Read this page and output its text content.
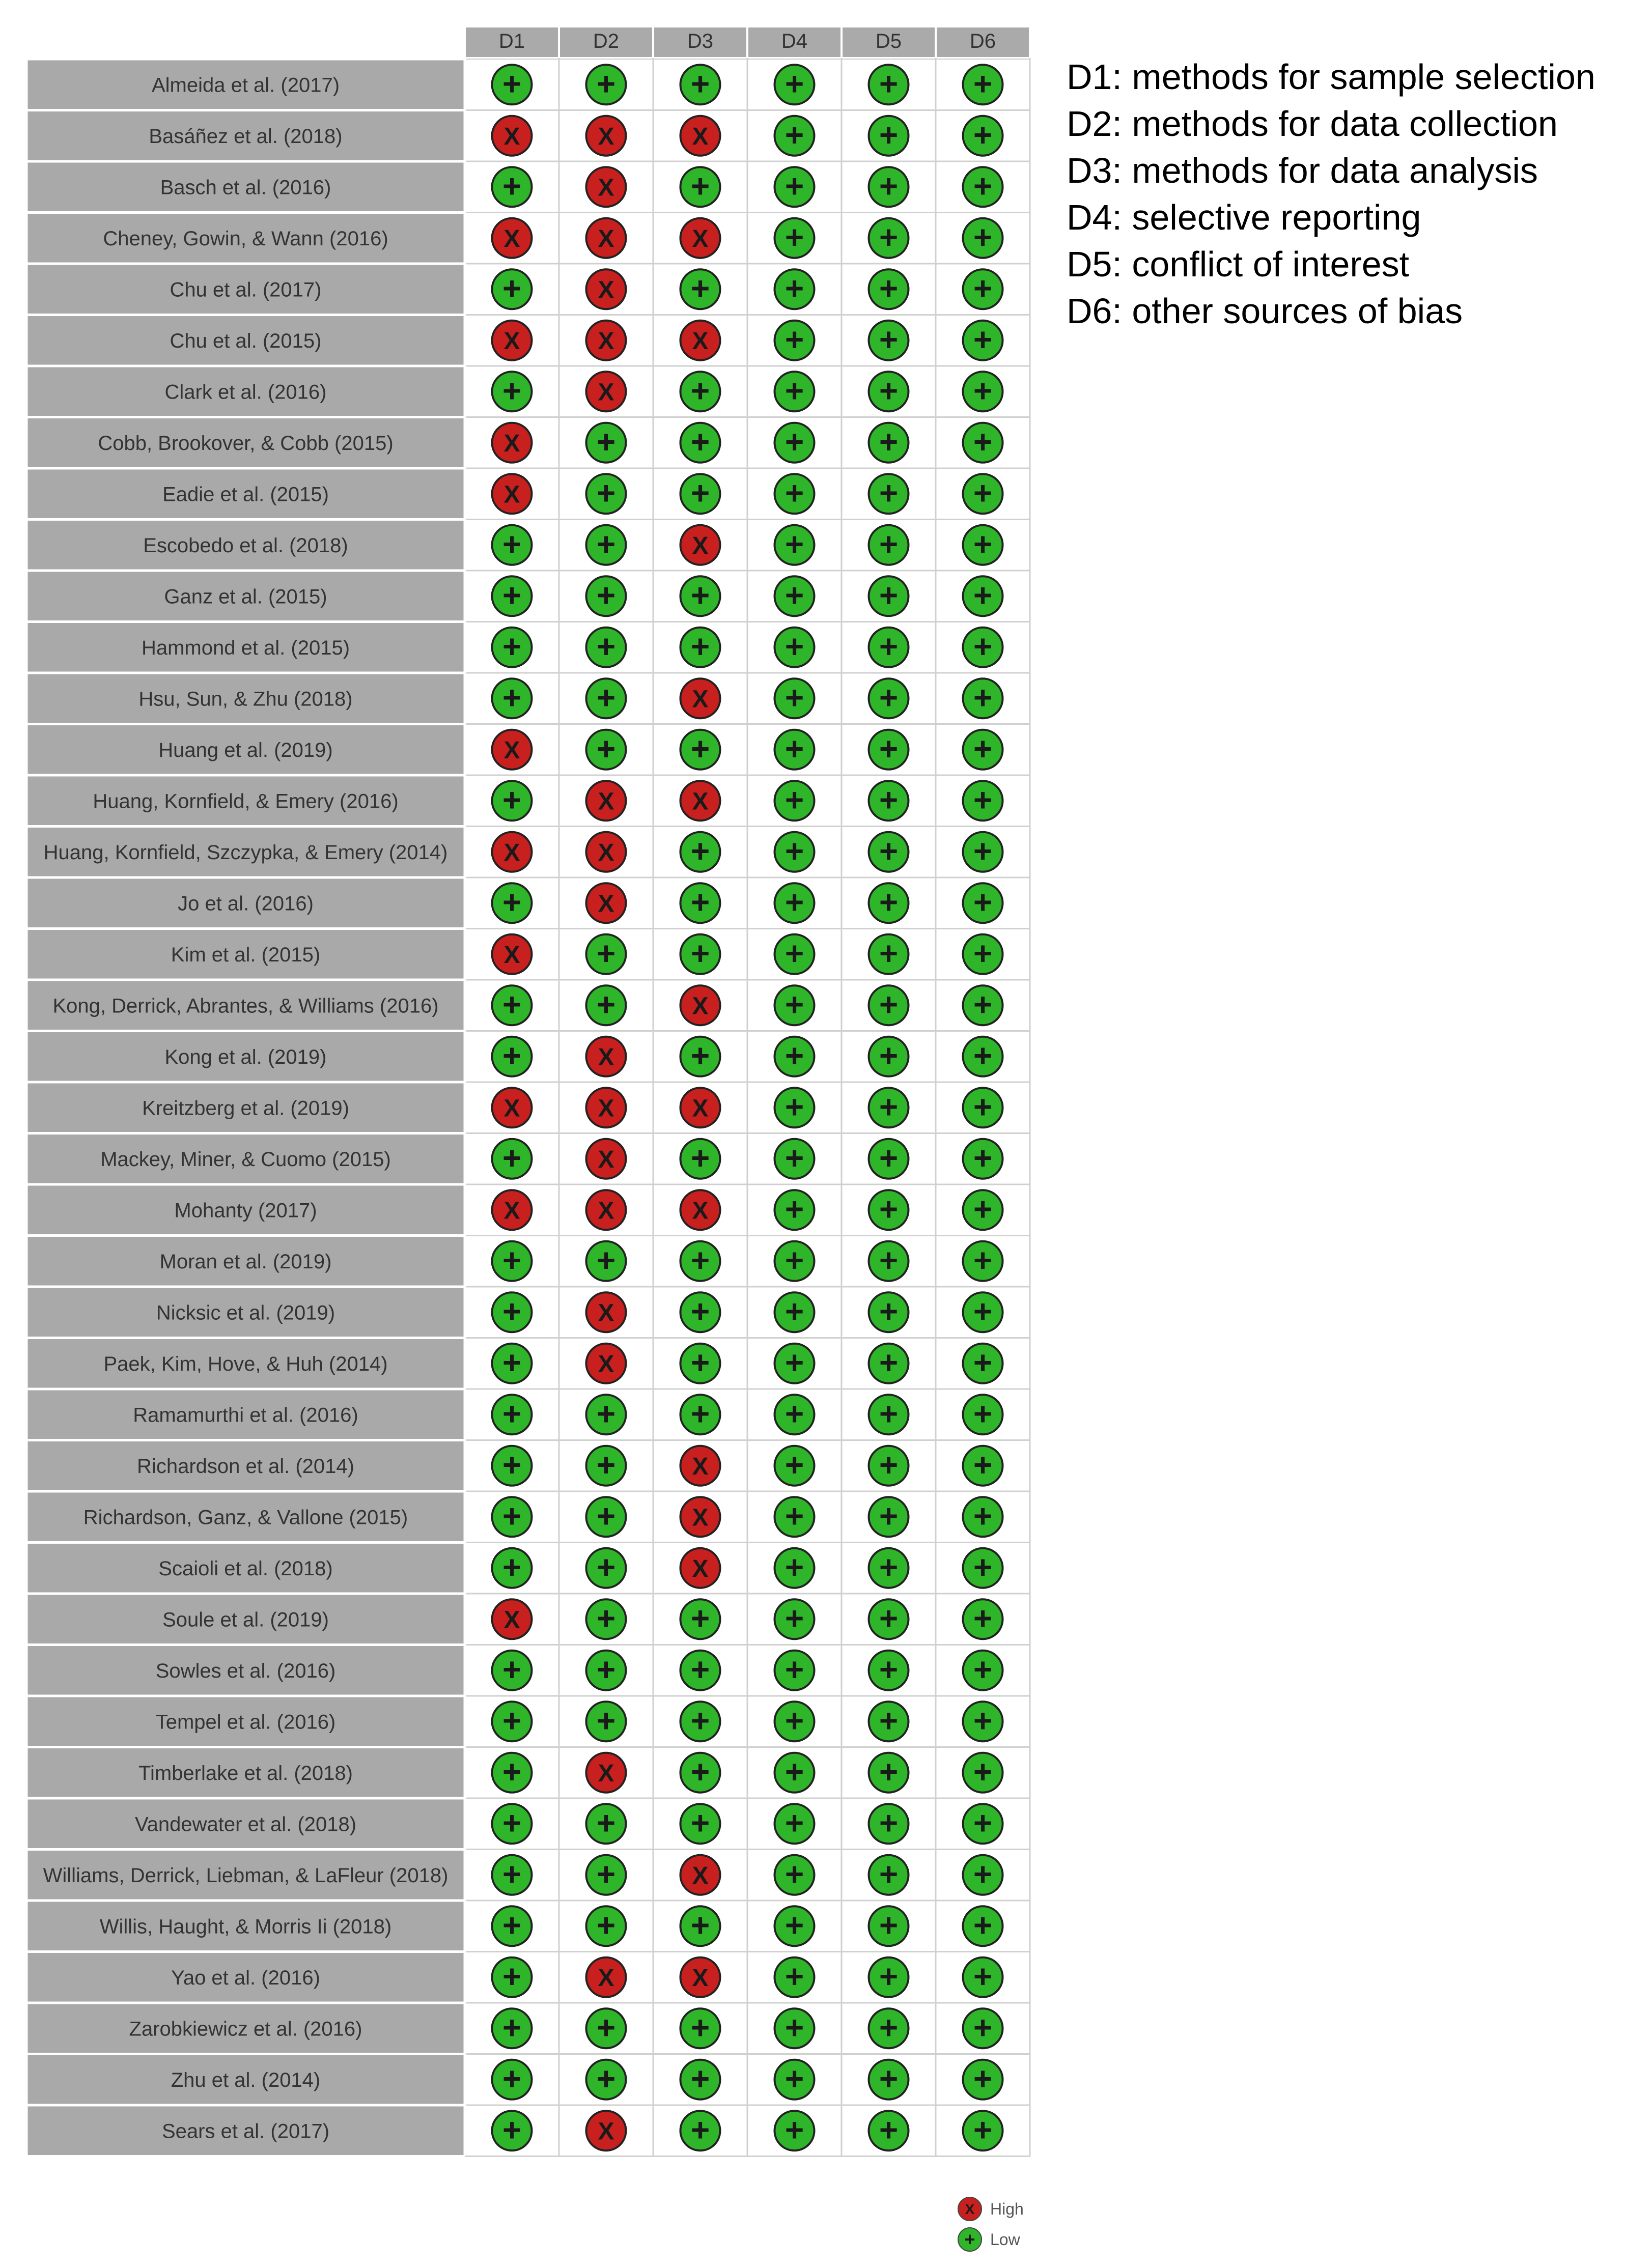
D1	D2	D3	D4	D5	D6
Almeida et al. (2017)	+ + + + + +
Basáñez et al. (2018)	X	X	X + + +
Basch et al. (2016)	+	X + + + +
Cheney, Gowin, & Wann (2016)	X	X	X + + +
Chu et al. (2017)	+	X + + + +
Chu et al. (2015)	X	X	X + + +
Clark et al. (2016)	+	X + + + +
Cobb, Brookover, & Cobb (2015)	X + + + + +
Eadie et al. (2015)	X + + + + +
Escobedo et al. (2018)	+ +	X + + +
Ganz et al. (2015)	+ + + + + +
Hammond et al. (2015)	+ + + + + +
Hsu, Sun, & Zhu (2018)	+ +	X + + +
Huang et al. (2019)	X + + + + +
Huang, Kornfield, & Emery (2016)	+	X	X + + +
Huang, Kornfield, Szczypka, & Emery (2014) X	X + + + +
Jo et al. (2016)	+	X + + + +
Kim et al. (2015)	X + + + + +
Kong, Derrick, Abrantes, & Williams (2016) + +	X + + +
Kong et al. (2019)	+	X + + + +
Kreitzberg et al. (2019)	X	X	X + + +
Mackey, Miner, & Cuomo (2015)	+	X + + + +
Mohanty (2017)	X	X	X + + +
Moran et al. (2019)	+ + + + + +
Nicksic et al. (2019)	+	X + + + +
Paek, Kim, Hove, & Huh (2014)	+	X + + + +
Ramamurthi et al. (2016)	+ + + + + +
Richardson et al. (2014)	+ +	X + + +
Richardson, Ganz, & Vallone (2015)	+ +	X + + +
Scaioli et al. (2018)	+ +	X + + +
Soule et al. (2019)	X + + + + +
Sowles et al. (2016)	+ + + + + +
Tempel et al. (2016)	+ + + + + +
Timberlake et al. (2018)	+	X + + + +
Vandewater et al. (2018)	+ + + + + +
Williams, Derrick, Liebman, & LaFleur (2018) + +	X + + +
Willis, Haught, & Morris Ii (2018)	+ + + + + +
Yao et al. (2016)	+	X	X + + +
Zarobkiewicz et al. (2016)	+ + + + + +
Zhu et al. (2014)	+ + + + + +
Sears et al. (2017)	+	X + + + +
D1: methods for sample selection
D2: methods for data collection
D3: methods for data analysis
D4: selective reporting
D5: conflict of interest
D6: other sources of bias
X High
+ Low
